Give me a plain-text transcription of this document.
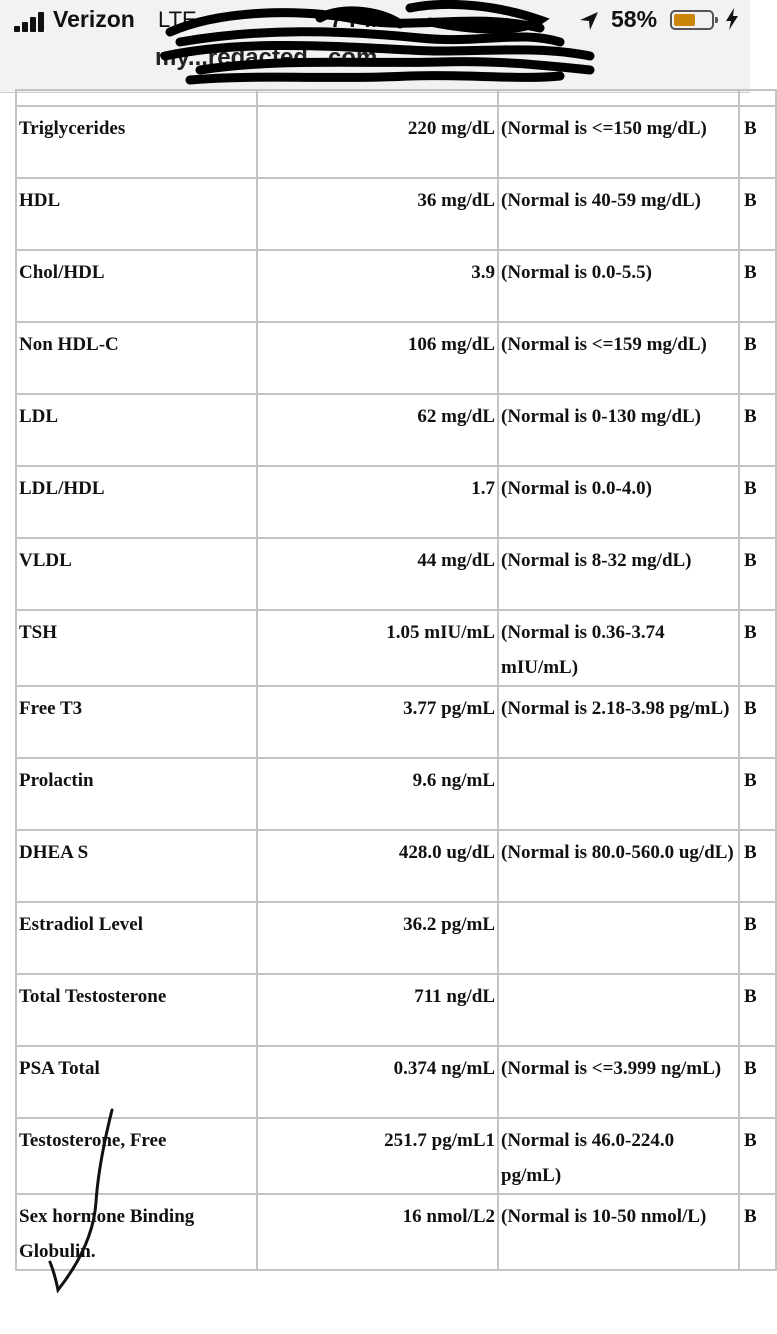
Verizon LTE	7 PM	58%
my...redacted...com

Triglycerides	220 mg/dL	(Normal is <=150 mg/dL)	B
HDL	36 mg/dL	(Normal is 40-59 mg/dL)	B
Chol/HDL	3.9	(Normal is 0.0-5.5)	B
Non HDL-C	106 mg/dL	(Normal is <=159 mg/dL)	B
LDL	62 mg/dL	(Normal is 0-130 mg/dL)	B
LDL/HDL	1.7	(Normal is 0.0-4.0)	B
VLDL	44 mg/dL	(Normal is 8-32 mg/dL)	B
TSH	1.05 mIU/mL	(Normal is 0.36-3.74 mIU/mL)	B
Free T3	3.77 pg/mL	(Normal is 2.18-3.98 pg/mL)	B
Prolactin	9.6 ng/mL		B
DHEA S	428.0 ug/dL	(Normal is 80.0-560.0 ug/dL)	B
Estradiol Level	36.2 pg/mL		B
Total Testosterone	711 ng/dL		B
PSA Total	0.374 ng/mL	(Normal is <=3.999 ng/mL)	B
Testosterone, Free	251.7 pg/mL1	(Normal is 46.0-224.0 pg/mL)	B
Sex hormone Binding Globulin.	16 nmol/L2	(Normal is 10-50 nmol/L)	B
